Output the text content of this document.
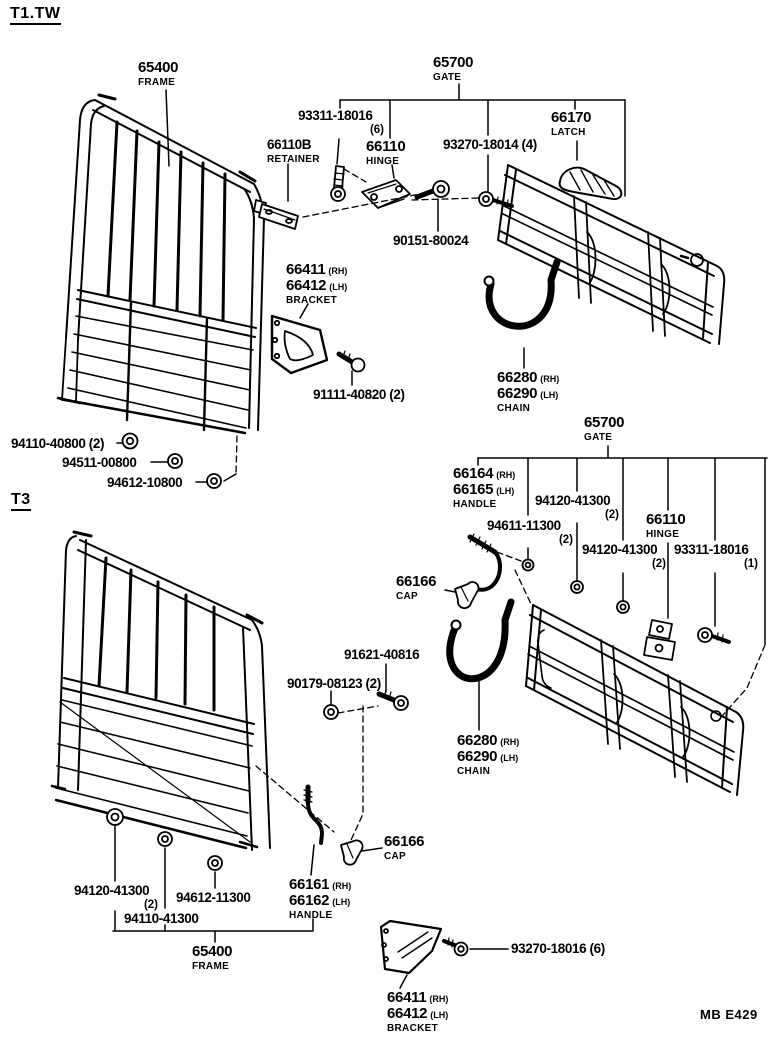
T1.TW
T3
65400
FRAME
65700
GATE
93311-18016
(6)
66110B
RETAINER
66110
HINGE
93270-18014 (4)
66170
LATCH
90151-80024
66411 (RH)
66412 (LH)
BRACKET
91111-40820 (2)
66280 (RH)
66290 (LH)
CHAIN
94110-40800 (2)
94511-00800
94612-10800
65700
GATE
66164 (RH)
66165 (LH)
HANDLE	94120-41300
(2)
94611-11300
(2)
66110
HINGE
94120-41300
(2)
93311-18016
(1)
66166
CAP
91621-40816
90179-08123 (2)
66280 (RH)
66290 (LH)
CHAIN
66166
CAP
66161 (RH)
66162 (LH)
HANDLE
94120-41300
(2) 94612-11300
94110-41300
65400
FRAME
93270-18016 (6)
66411 (RH)
66412 (LH)
BRACKET
MB E429
